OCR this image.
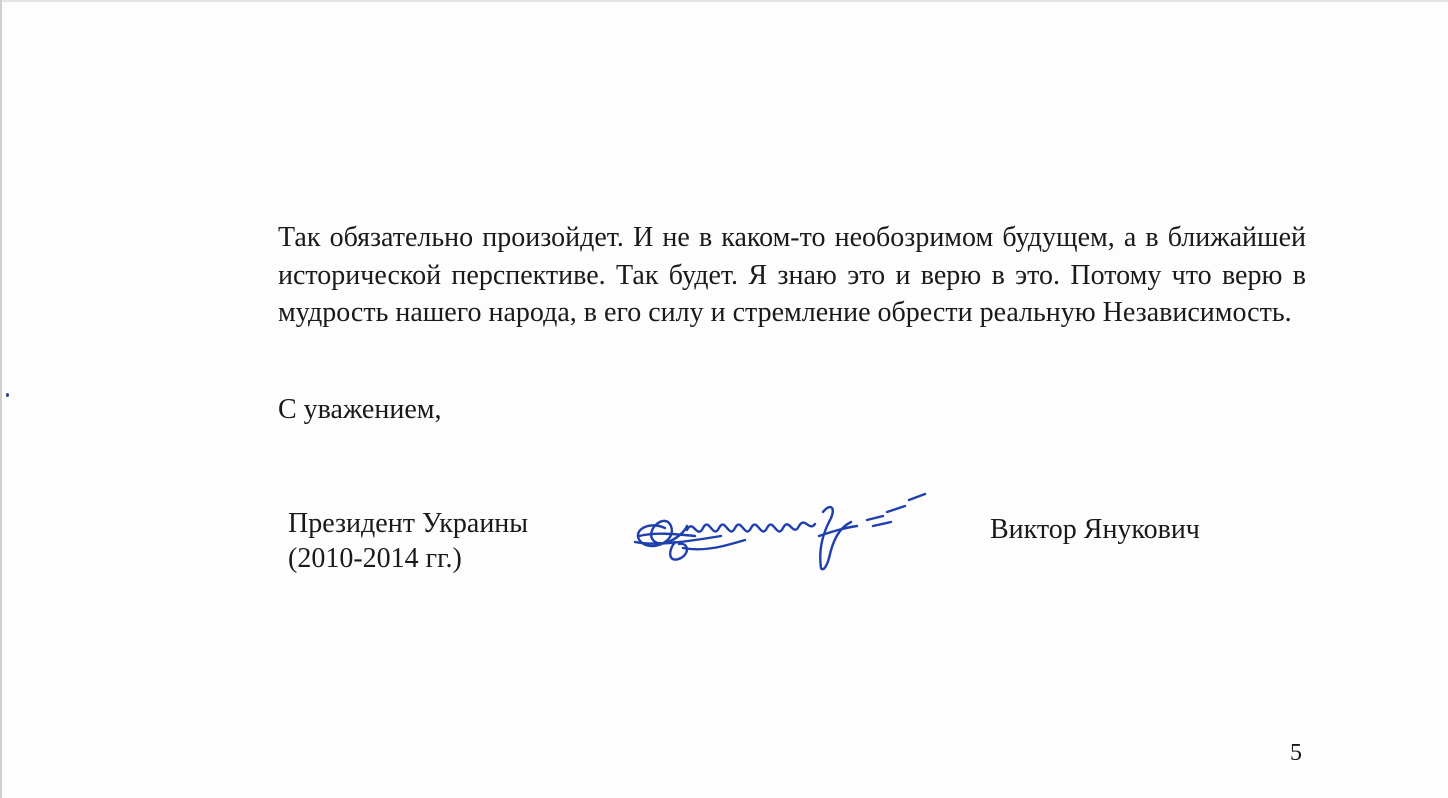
Так обязательно произойдет. И не в каком-то необозримом будущем, а в ближайшей исторической перспективе. Так будет. Я знаю это и верю в это. Потому что верю в мудрость нашего народа, в его силу и стремление обрести реальную Независимость.

С уважением,

Президент Украины
(2010-2014 гг.)

Виктор Янукович

5
